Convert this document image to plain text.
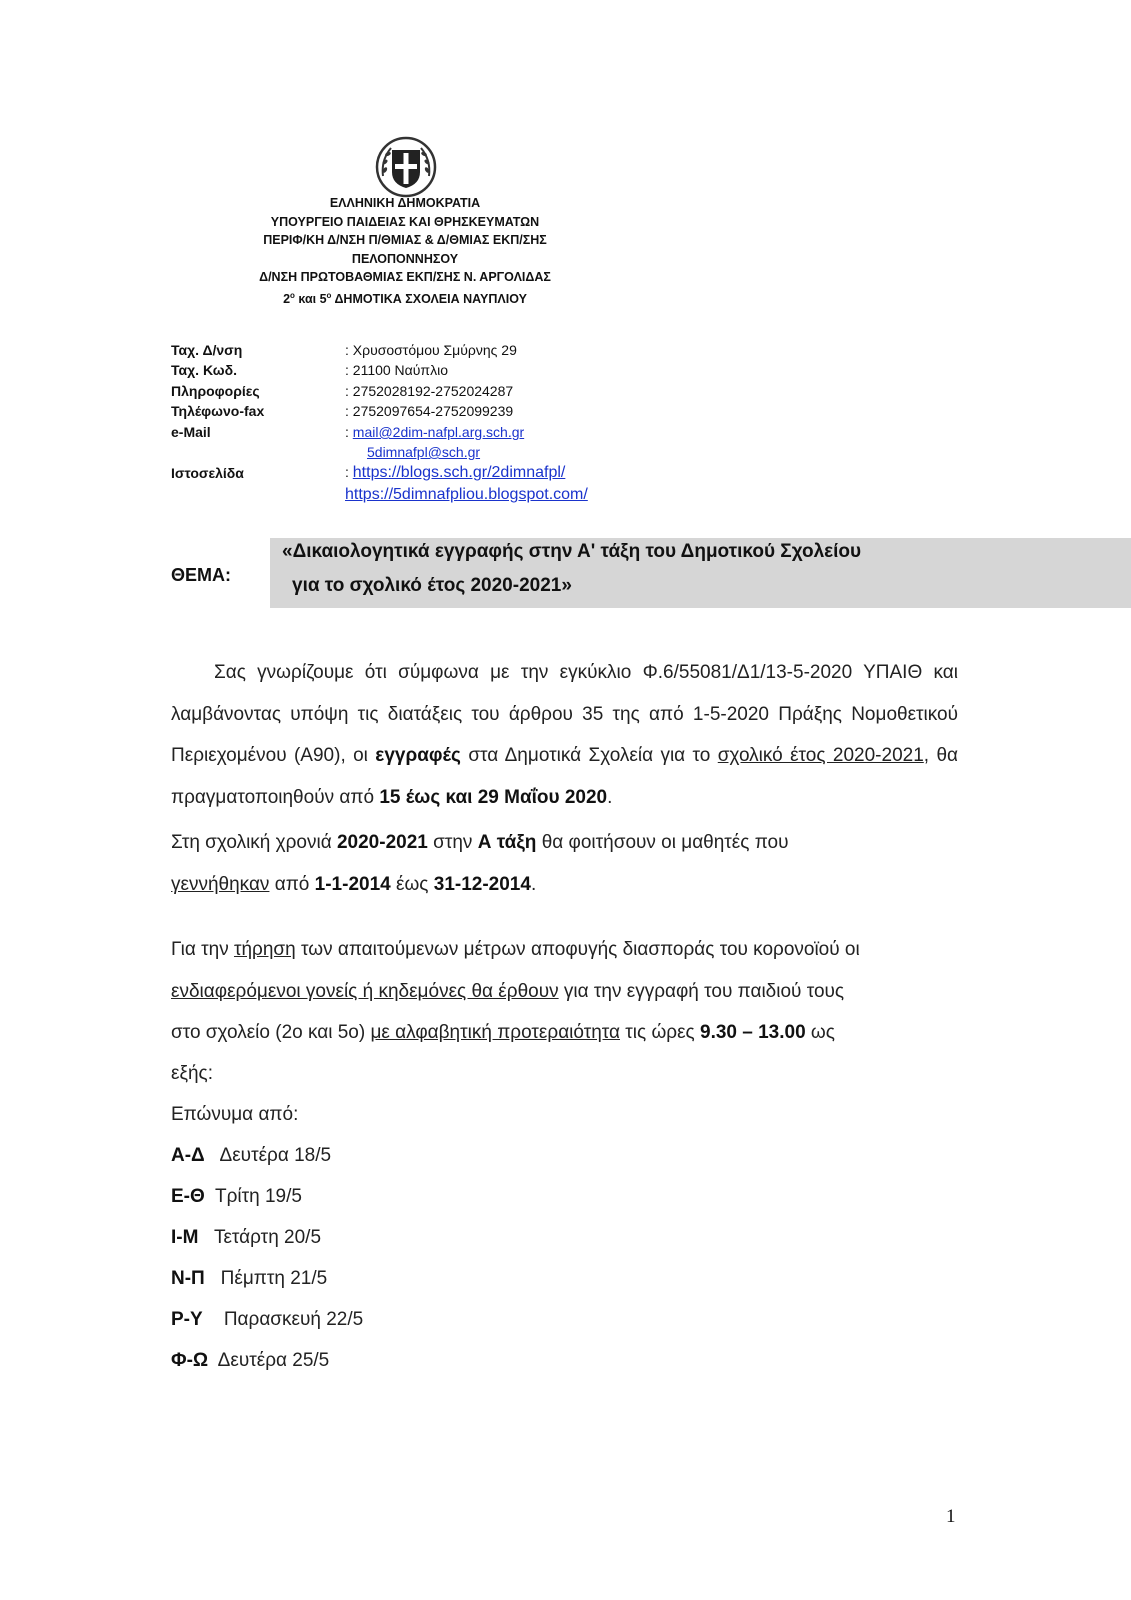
ΕΛΛΗΝΙΚΗ ΔΗΜΟΚΡΑΤΙΑ
ΥΠΟΥΡΓΕΙΟ ΠΑΙΔΕΙΑΣ ΚΑΙ ΘΡΗΣΚΕΥΜΑΤΩΝ
ΠΕΡΙΦ/ΚΗ Δ/ΝΣΗ Π/ΘΜΙΑΣ & Δ/ΘΜΙΑΣ ΕΚΠ/ΣΗΣ
ΠΕΛΟΠΟΝΝΗΣΟΥ
Δ/ΝΣΗ ΠΡΩΤΟΒΑΘΜΙΑΣ ΕΚΠ/ΣΗΣ Ν. ΑΡΓΟΛΙΔΑΣ
$2^o$ και $5^o$ ΔΗΜΟΤΙΚΑ ΣΧΟΛΕΙΑ ΝΑΥΠΛΙΟΥ
Ταχ. Δ/νση	: Χρυσοστόμου Σμύρνης 29
Ταχ. Κωδ.	: 21100 Ναύπλιο
Πληροφορίες	: 2752028192-2752024287
Τηλέφωνο-fax	: 2752097654-2752099239
e-Mail	: mail@2dim-nafpl.arg.sch.gr
5dimnafpl@sch.gr
Ιστοσελίδα	: https://blogs.sch.gr/2dimnafpl/
https://5dimnafpliou.blogspot.com/
ΘΕΜΑ:
«Δικαιολογητικά εγγραφής στην Α' τάξη του Δημοτικού Σχολείου
για το σχολικό έτος 2020-2021»
Σας γνωρίζουμε ότι σύμφωνα με την εγκύκλιο Φ.6/55081/Δ1/13-5-2020 ΥΠΑΙΘ και λαμβάνοντας υπόψη τις διατάξεις του άρθρου 35 της από 1-5-2020 Πράξης Νομοθετικού Περιεχομένου (Α90), οι εγγραφές στα Δημοτικά Σχολεία για το σχολικό έτος 2020-2021, θα πραγματοποιηθούν από 15 έως και 29 Μαΐου 2020.
Στη σχολική χρονιά 2020-2021 στην Α τάξη θα φοιτήσουν οι μαθητές που
γεννήθηκαν από 1-1-2014 έως 31-12-2014.
Για την τήρηση των απαιτούμενων μέτρων αποφυγής διασποράς του κορονοϊού οι
ενδιαφερόμενοι γονείς ή κηδεμόνες θα έρθουν για την εγγραφή του παιδιού τους
στο σχολείο (2ο και 5ο) με αλφαβητική προτεραιότητα τις ώρες 9.30 – 13.00 ως
εξής:
Επώνυμα από:
Α-Δ Δευτέρα 18/5
Ε-Θ Τρίτη 19/5
Ι-Μ Τετάρτη 20/5
Ν-Π Πέμπτη 21/5
Ρ-Υ Παρασκευή 22/5
Φ-Ω Δευτέρα 25/5
1
